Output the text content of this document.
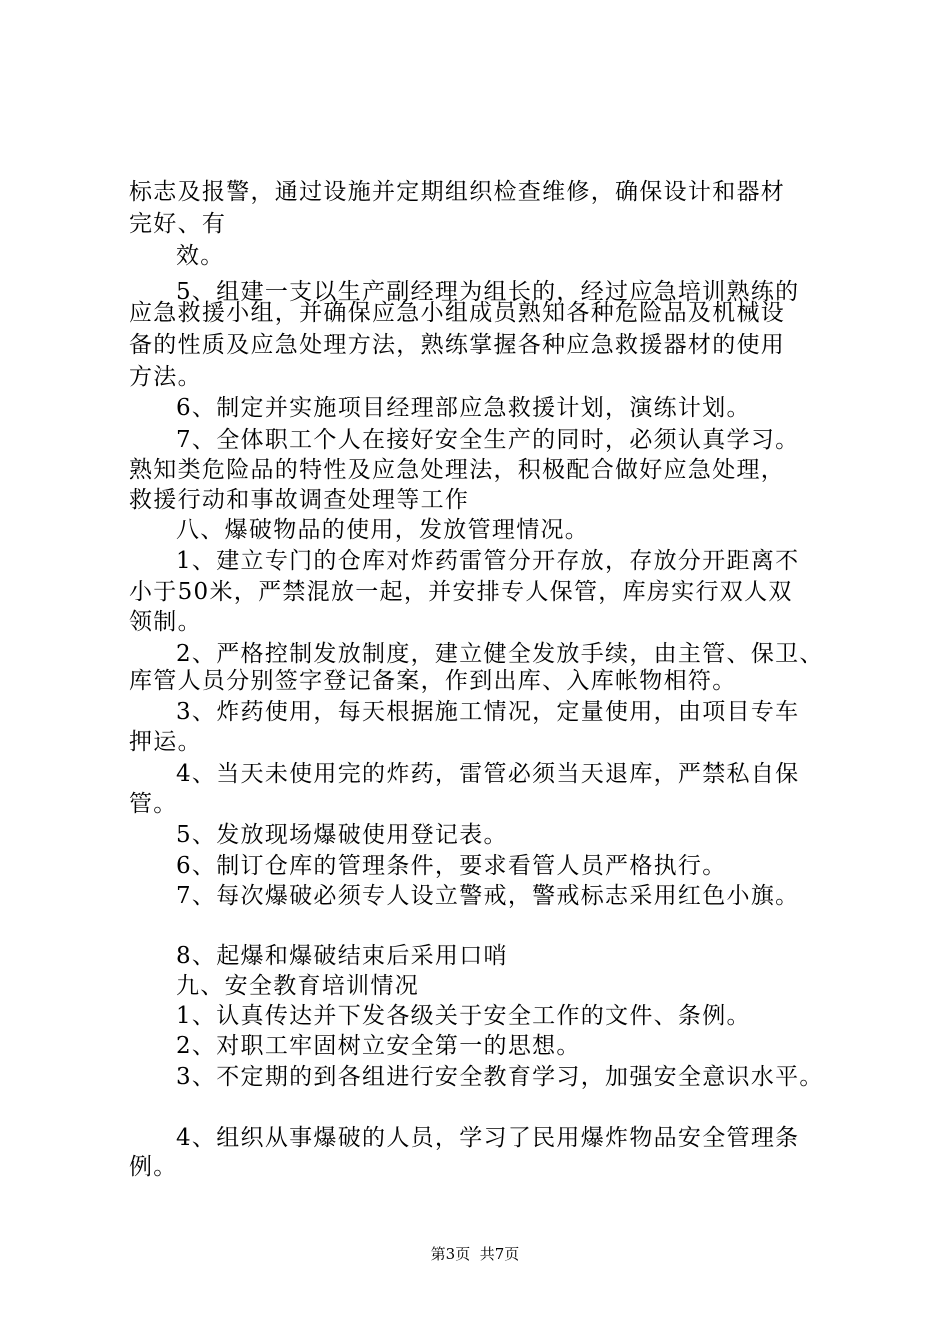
标志及报警，通过设施并定期组织检查维修，确保设计和器材
完好、有
效。
5、组建一支以生产副经理为组长的，经过应急培训熟练的
应急救援小组，并确保应急小组成员熟知各种危险品及机械设
备的性质及应急处理方法，熟练掌握各种应急救援器材的使用
方法。
6、制定并实施项目经理部应急救援计划，演练计划。
7、全体职工个人在接好安全生产的同时，必须认真学习。
熟知类危险品的特性及应急处理法，积极配合做好应急处理，
救援行动和事故调查处理等工作
八、爆破物品的使用，发放管理情况。
1、建立专门的仓库对炸药雷管分开存放，存放分开距离不
小于50米，严禁混放一起，并安排专人保管，库房实行双人双
领制。
2、严格控制发放制度，建立健全发放手续，由主管、保卫、
库管人员分别签字登记备案，作到出库、入库帐物相符。
3、炸药使用，每天根据施工情况，定量使用，由项目专车
押运。
4、当天未使用完的炸药，雷管必须当天退库，严禁私自保
管。
5、发放现场爆破使用登记表。
6、制订仓库的管理条件，要求看管人员严格执行。
7、每次爆破必须专人设立警戒，警戒标志采用红色小旗。
8、起爆和爆破结束后采用口哨
九、安全教育培训情况
1、认真传达并下发各级关于安全工作的文件、条例。
2、对职工牢固树立安全第一的思想。
3、不定期的到各组进行安全教育学习，加强安全意识水平。
4、组织从事爆破的人员，学习了民用爆炸物品安全管理条
例。
第3页 共7页
